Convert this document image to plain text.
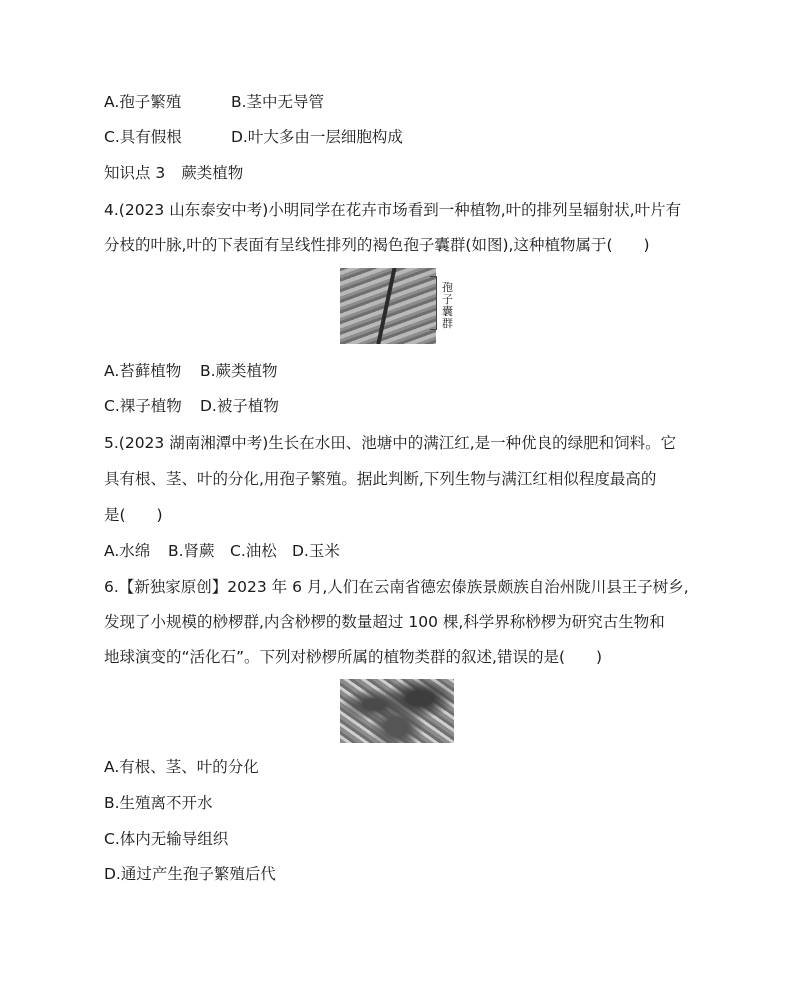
A.孢子繁殖	B.茎中无导管
C.具有假根	D.叶大多由一层细胞构成
知识点 3 蕨类植物
4.(2023 山东泰安中考)小明同学在花卉市场看到一种植物,叶的排列呈辐射状,叶片有
分枝的叶脉,叶的下表面有呈线性排列的褐色孢子囊群(如图),这种植物属于(　　)
孢子囊群
A.苔藓植物 B.蕨类植物
C.裸子植物 D.被子植物
5.(2023 湖南湘潭中考)生长在水田、池塘中的满江红,是一种优良的绿肥和饲料。它
具有根、茎、叶的分化,用孢子繁殖。据此判断,下列生物与满江红相似程度最高的
是(　　)
A.水绵 B.肾蕨 C.油松 D.玉米
6.【新独家原创】2023 年 6 月,人们在云南省德宏傣族景颇族自治州陇川县王子树乡,
发现了小规模的桫椤群,内含桫椤的数量超过 100 棵,科学界称桫椤为研究古生物和
地球演变的“活化石”。下列对桫椤所属的植物类群的叙述,错误的是(　　)
A.有根、茎、叶的分化
B.生殖离不开水
C.体内无输导组织
D.通过产生孢子繁殖后代
